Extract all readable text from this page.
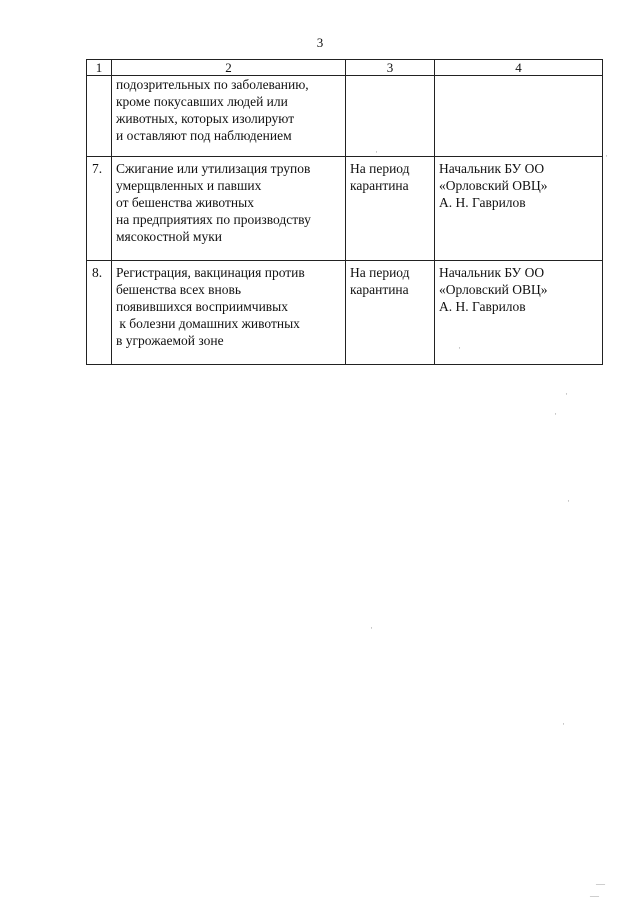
3
1	2	3	4

	подозрительных по заболеванию,
кроме покусавших людей или
животных, которых изолируют
и оставляют под наблюдением		

7.	Сжигание или утилизация трупов
умерщвленных и павших
от бешенства животных
на предприятиях по производству
мясокостной муки	На период
карантина	Начальник БУ ОО
«Орловский ОВЦ»
А. Н. Гаврилов

8.	Регистрация, вакцинация против
бешенства всех вновь
появившихся восприимчивых
к болезни домашних животных
в угрожаемой зоне	На период
карантина	Начальник БУ ОО
«Орловский ОВЦ»
А. Н. Гаврилов
·	·
·
·
·
·
·
·
—
—
